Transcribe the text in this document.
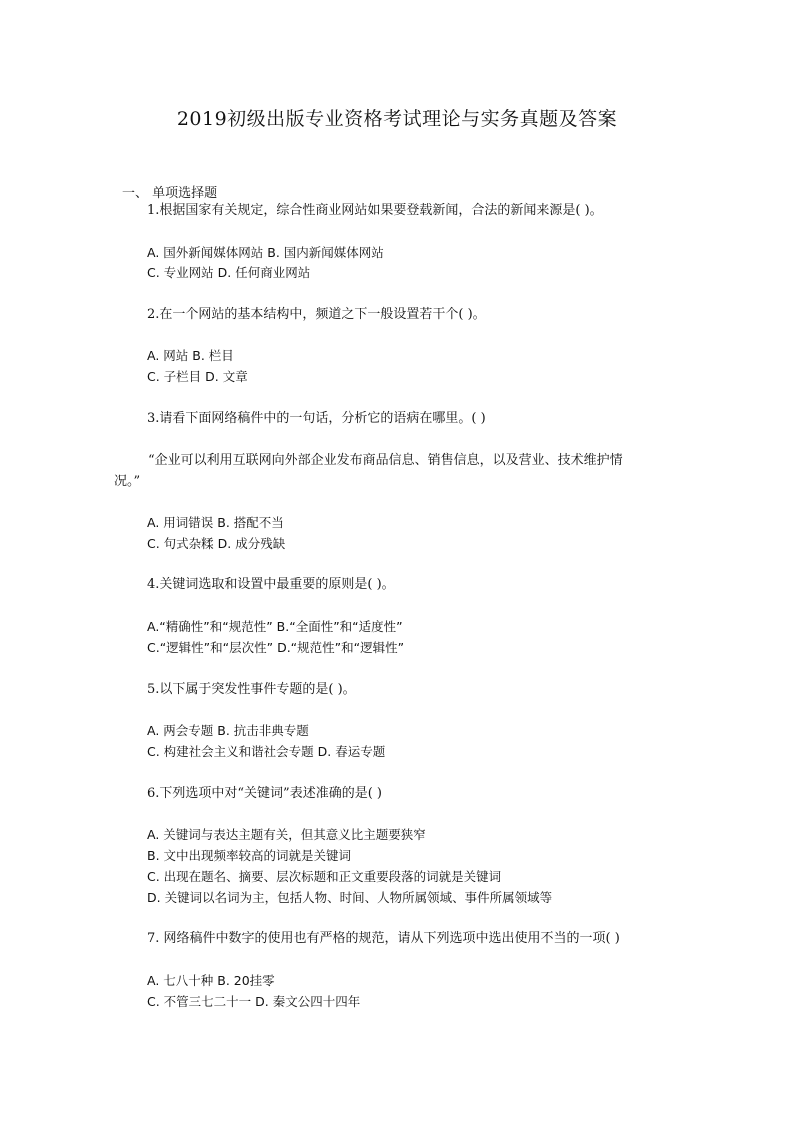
2019初级出版专业资格考试理论与实务真题及答案
一、 单项选择题
1.根据国家有关规定，综合性商业网站如果要登载新闻，合法的新闻来源是( )。
A. 国外新闻媒体网站 B. 国内新闻媒体网站
C. 专业网站 D. 任何商业网站
2.在一个网站的基本结构中，频道之下一般设置若干个( )。
A. 网站 B. 栏目
C. 子栏目 D. 文章
3.请看下面网络稿件中的一句话，分析它的语病在哪里。( )
“企业可以利用互联网向外部企业发布商品信息、销售信息，以及营业、技术维护情
况。”
A. 用词错误 B. 搭配不当
C. 句式杂糅 D. 成分残缺
4.关键词选取和设置中最重要的原则是( )。
A.“精确性”和“规范性” B.“全面性”和“适度性”
C.“逻辑性”和“层次性” D.“规范性”和“逻辑性”
5.以下属于突发性事件专题的是( )。
A. 两会专题 B. 抗击非典专题
C. 构建社会主义和谐社会专题 D. 春运专题
6.下列选项中对“关键词”表述准确的是( )
A. 关键词与表达主题有关，但其意义比主题要狭窄
B. 文中出现频率较高的词就是关键词
C. 出现在题名、摘要、层次标题和正文重要段落的词就是关键词
D. 关键词以名词为主，包括人物、时间、人物所属领域、事件所属领域等
7. 网络稿件中数字的使用也有严格的规范，请从下列选项中选出使用不当的一项( )
A. 七八十种 B. 20挂零
C. 不管三七二十一 D. 秦文公四十四年
